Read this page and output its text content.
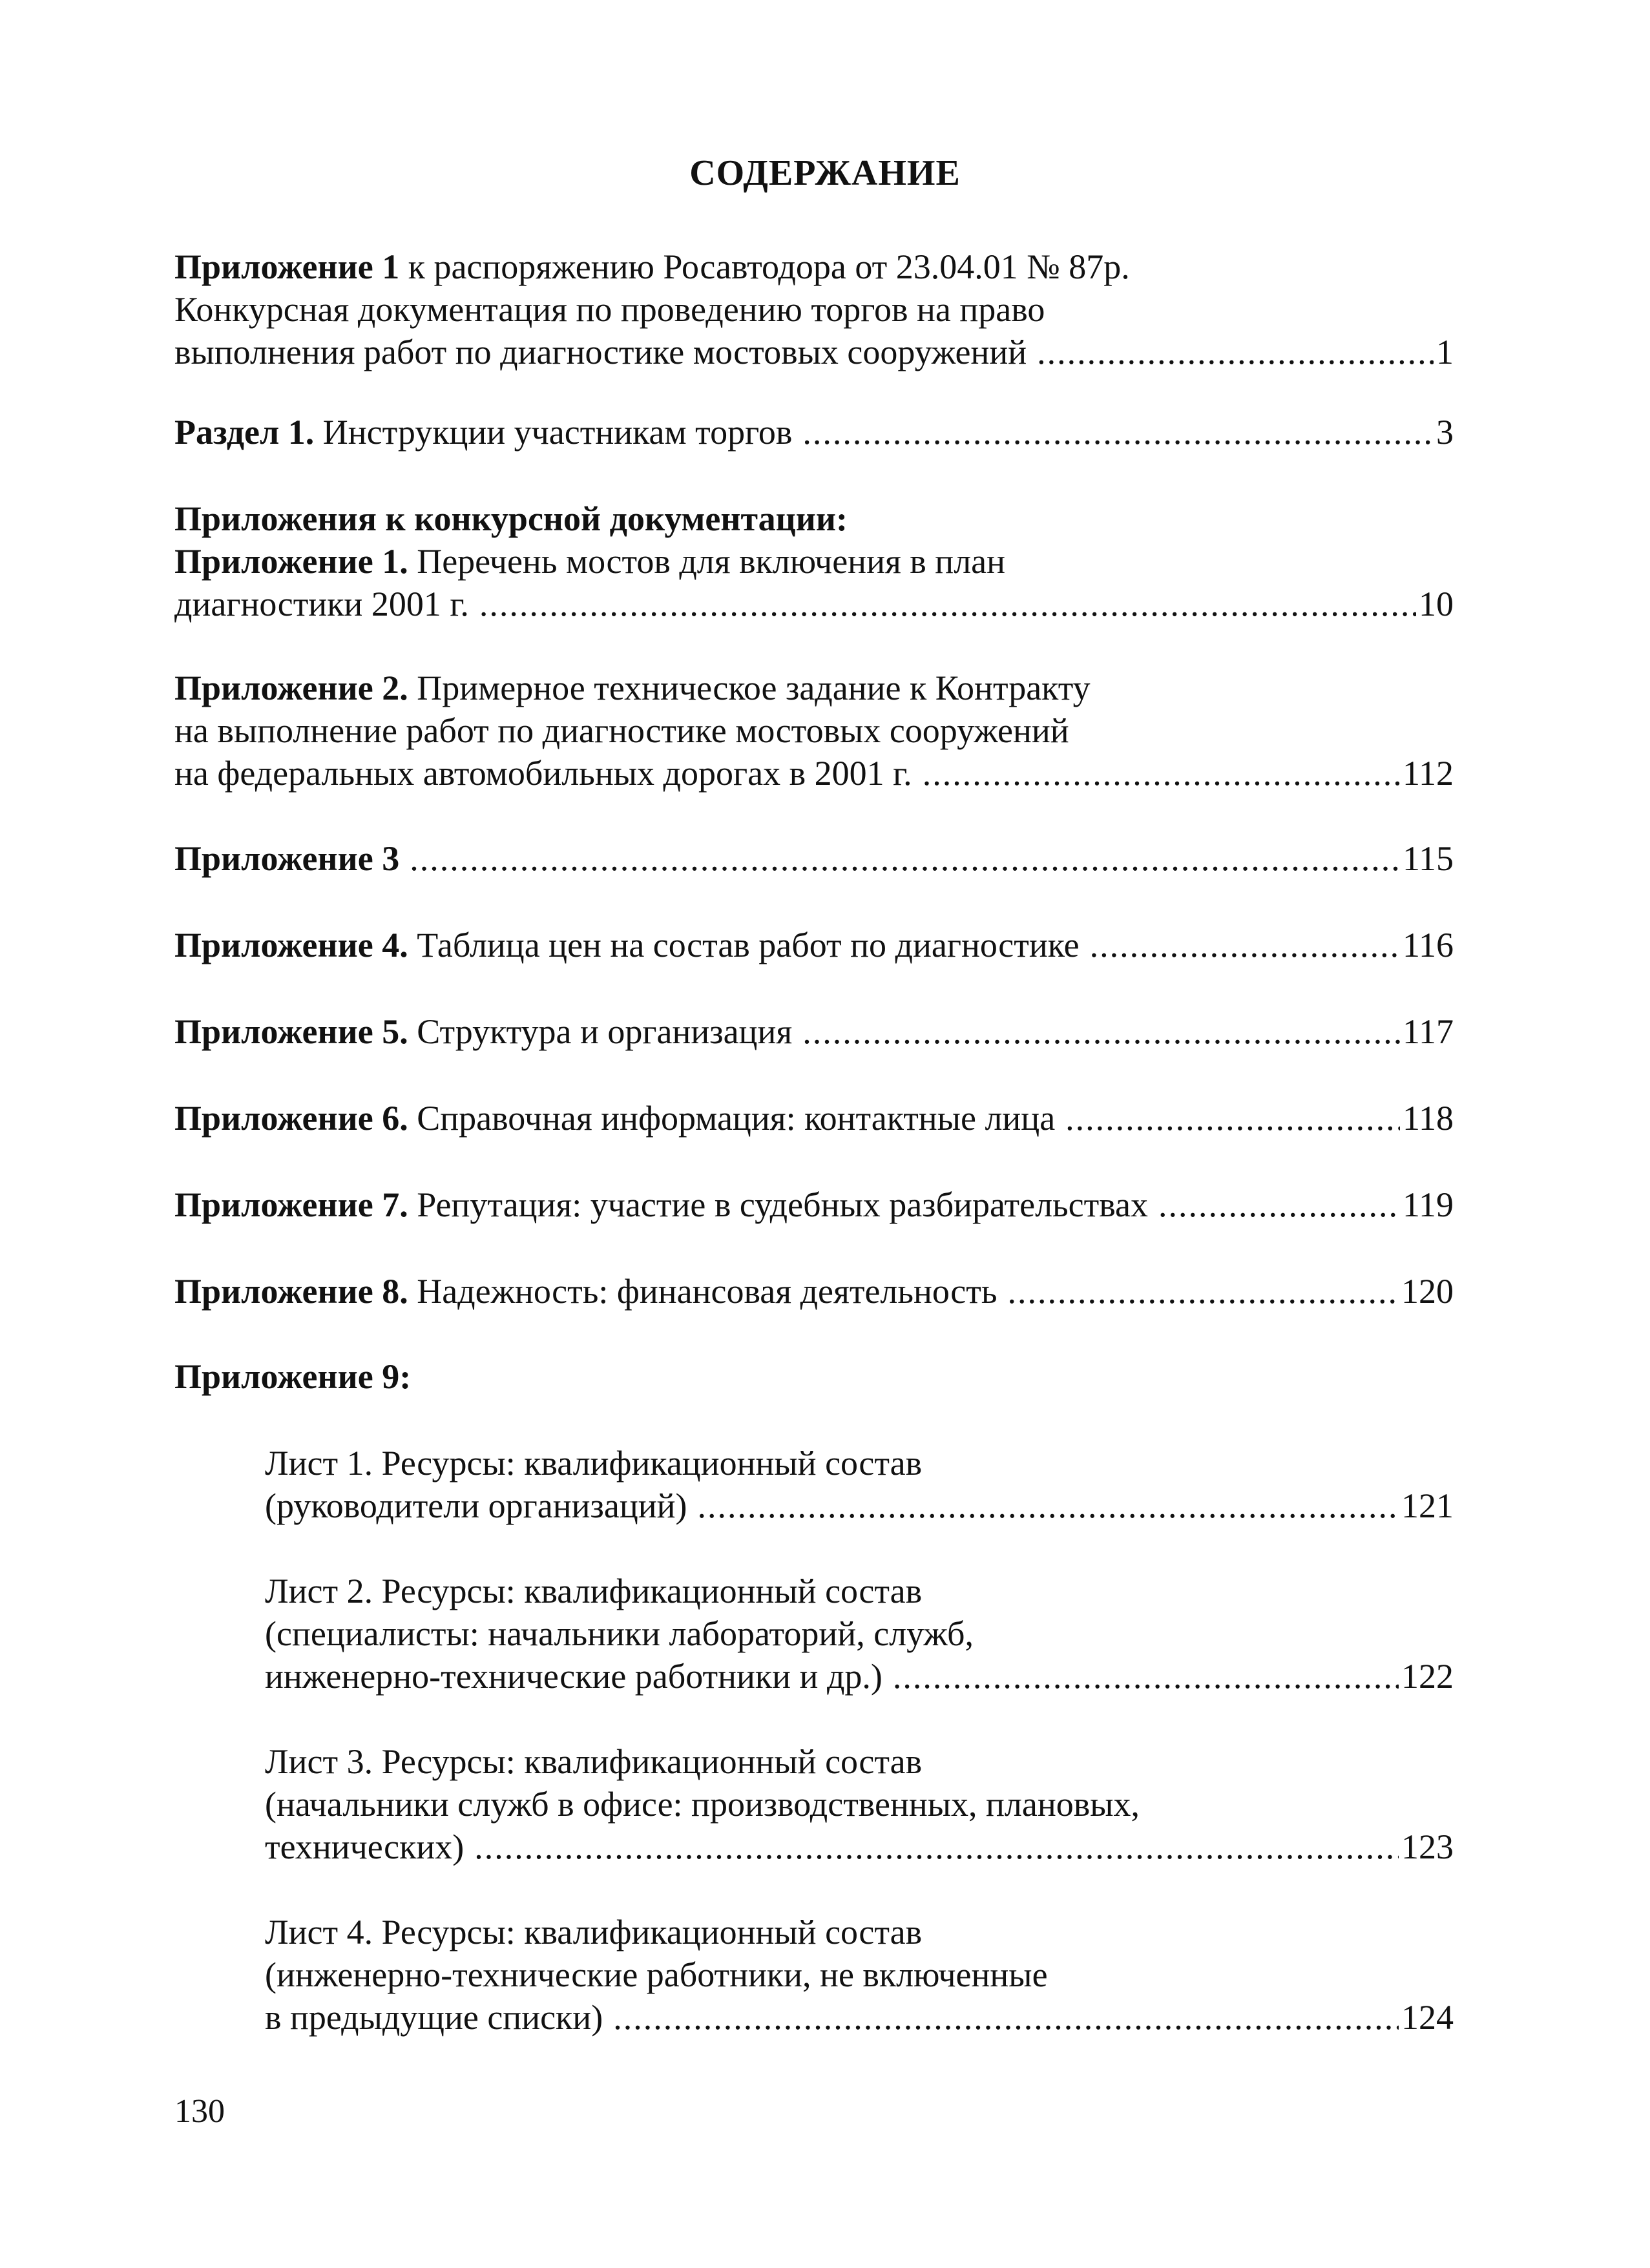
СОДЕРЖАНИЕ
Приложение 1 к распоряжению Росавтодора от 23.04.01 № 87р.
Конкурсная документация по проведению торгов на право
выполнения работ по диагностике мостовых сооружений .....	1
Раздел 1. Инструкции участникам торгов .....	3
Приложения к конкурсной документации:
Приложение 1. Перечень мостов для включения в план
диагностики 2001 г. .....	10
Приложение 2. Примерное техническое задание к Контракту
на выполнение работ по диагностике мостовых сооружений
на федеральных автомобильных дорогах в 2001 г. .....	112
Приложение 3 .....	115
Приложение 4. Таблица цен на состав работ по диагностике .....	116
Приложение 5. Структура и организация .....	117
Приложение 6. Справочная информация: контактные лица .....	118
Приложение 7. Репутация: участие в судебных разбирательствах .....	119
Приложение 8. Надежность: финансовая деятельность .....	120
Приложение 9:
Лист 1. Ресурсы: квалификационный состав
(руководители организаций) .....	121
Лист 2. Ресурсы: квалификационный состав
(специалисты: начальники лабораторий, служб,
инженерно-технические работники и др.) .....	122
Лист 3. Ресурсы: квалификационный состав
(начальники служб в офисе: производственных, плановых,
технических) .....	123
Лист 4. Ресурсы: квалификационный состав
(инженерно-технические работники, не включенные
в предыдущие списки) .....	124
130
